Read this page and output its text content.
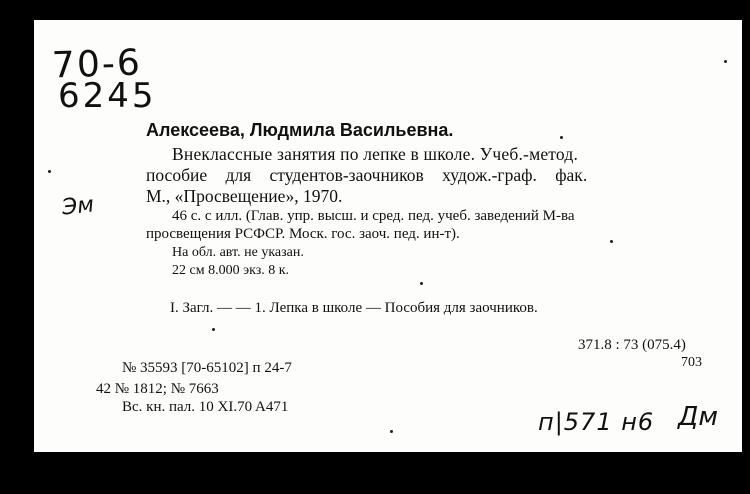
70-6
6245
Эм
Алексеева, Людмила Васильевна.
Внеклассные занятия по лепке в школе. Учеб.-метод.
пособие для студентов-заочников худож.-граф. фак.
М., «Просвещение», 1970.
46 с. с илл. (Глав. упр. высш. и сред. пед. учеб. заведений М-ва
просвещения РСФСР. Моск. гос. заоч. пед. ин-т).
На обл. авт. не указан.
22 см 8.000 экз. 8 к.
I. Загл. — — 1. Лепка в школе — Пособия для заочников.
371.8 : 73 (075.4)
703
№ 35593 [70-65102] п 24-7
42 № 1812; № 7663
Вс. кн. пал. 10 XI.70 A471
п|571 н6 Дм
